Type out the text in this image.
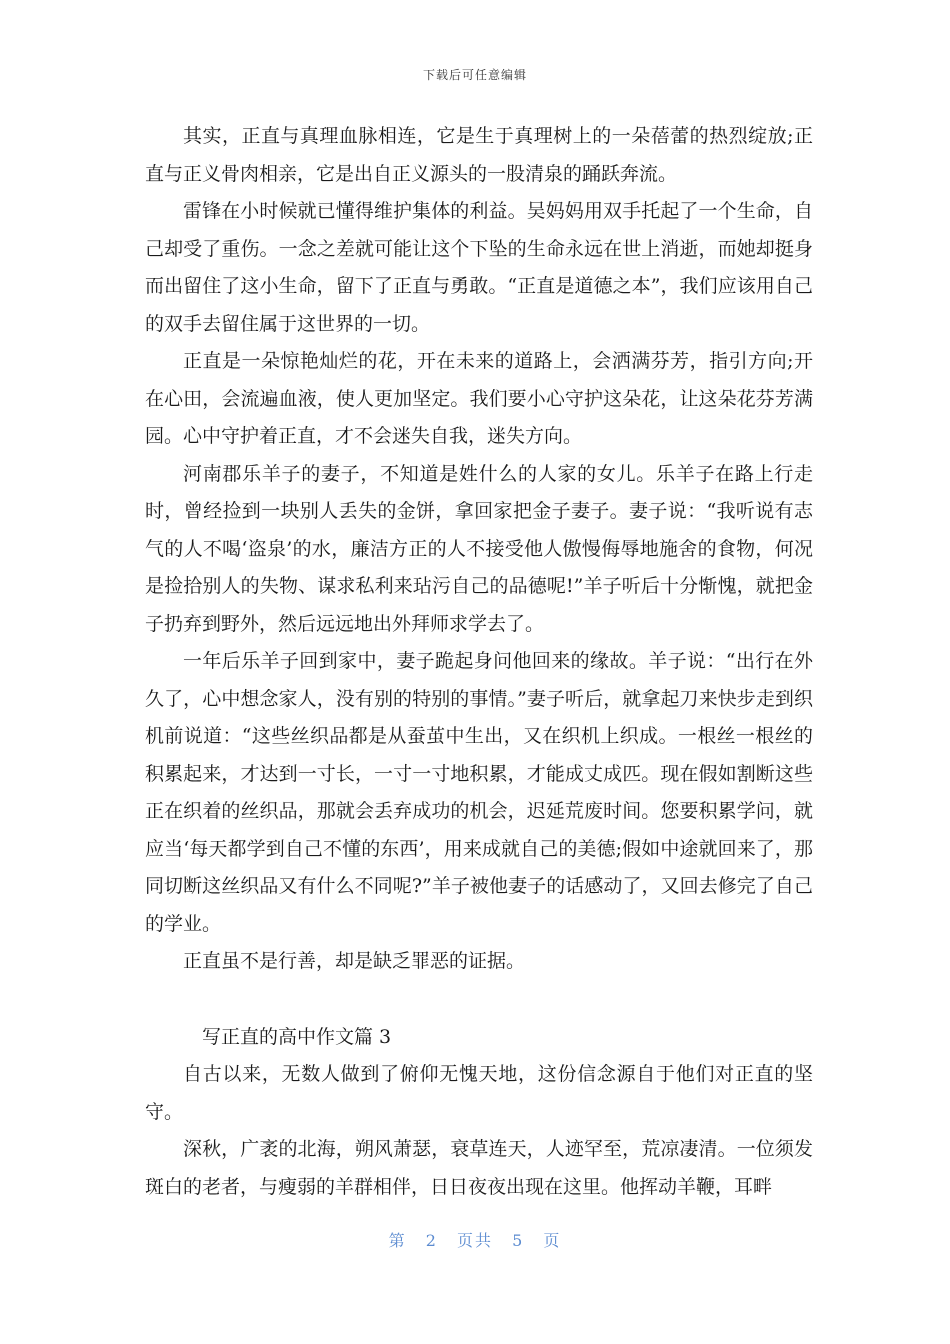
下载后可任意编辑

其实，正直与真理血脉相连，它是生于真理树上的一朵蓓蕾的热烈绽放;正直与正义骨肉相亲，它是出自正义源头的一股清泉的踊跃奔流。

雷锋在小时候就已懂得维护集体的利益。吴妈妈用双手托起了一个生命，自己却受了重伤。一念之差就可能让这个下坠的生命永远在世上消逝，而她却挺身而出留住了这小生命，留下了正直与勇敢。“正直是道德之本”，我们应该用自己的双手去留住属于这世界的一切。

正直是一朵惊艳灿烂的花，开在未来的道路上，会洒满芬芳，指引方向;开在心田，会流遍血液，使人更加坚定。我们要小心守护这朵花，让这朵花芬芳满园。心中守护着正直，才不会迷失自我，迷失方向。

河南郡乐羊子的妻子，不知道是姓什么的人家的女儿。乐羊子在路上行走时，曾经捡到一块别人丢失的金饼，拿回家把金子妻子。妻子说：“我听说有志气的人不喝‘盗泉’的水，廉洁方正的人不接受他人傲慢侮辱地施舍的食物，何况是捡拾别人的失物、谋求私利来玷污自己的品德呢!”羊子听后十分惭愧，就把金子扔弃到野外，然后远远地出外拜师求学去了。

一年后乐羊子回到家中，妻子跪起身问他回来的缘故。羊子说：“出行在外久了，心中想念家人，没有别的特别的事情。”妻子听后，就拿起刀来快步走到织机前说道：“这些丝织品都是从蚕茧中生出，又在织机上织成。一根丝一根丝的积累起来，才达到一寸长，一寸一寸地积累，才能成丈成匹。现在假如割断这些正在织着的丝织品，那就会丢弃成功的机会，迟延荒废时间。您要积累学问，就应当‘每天都学到自己不懂的东西’，用来成就自己的美德;假如中途就回来了，那同切断这丝织品又有什么不同呢?”羊子被他妻子的话感动了，又回去修完了自己的学业。

正直虽不是行善，却是缺乏罪恶的证据。

写正直的高中作文篇 3

自古以来，无数人做到了俯仰无愧天地，这份信念源自于他们对正直的坚守。

深秋，广袤的北海，朔风萧瑟，衰草连天，人迹罕至，荒凉凄清。一位须发斑白的老者，与瘦弱的羊群相伴，日日夜夜出现在这里。他挥动羊鞭，耳畔

第 2 页共 5 页
